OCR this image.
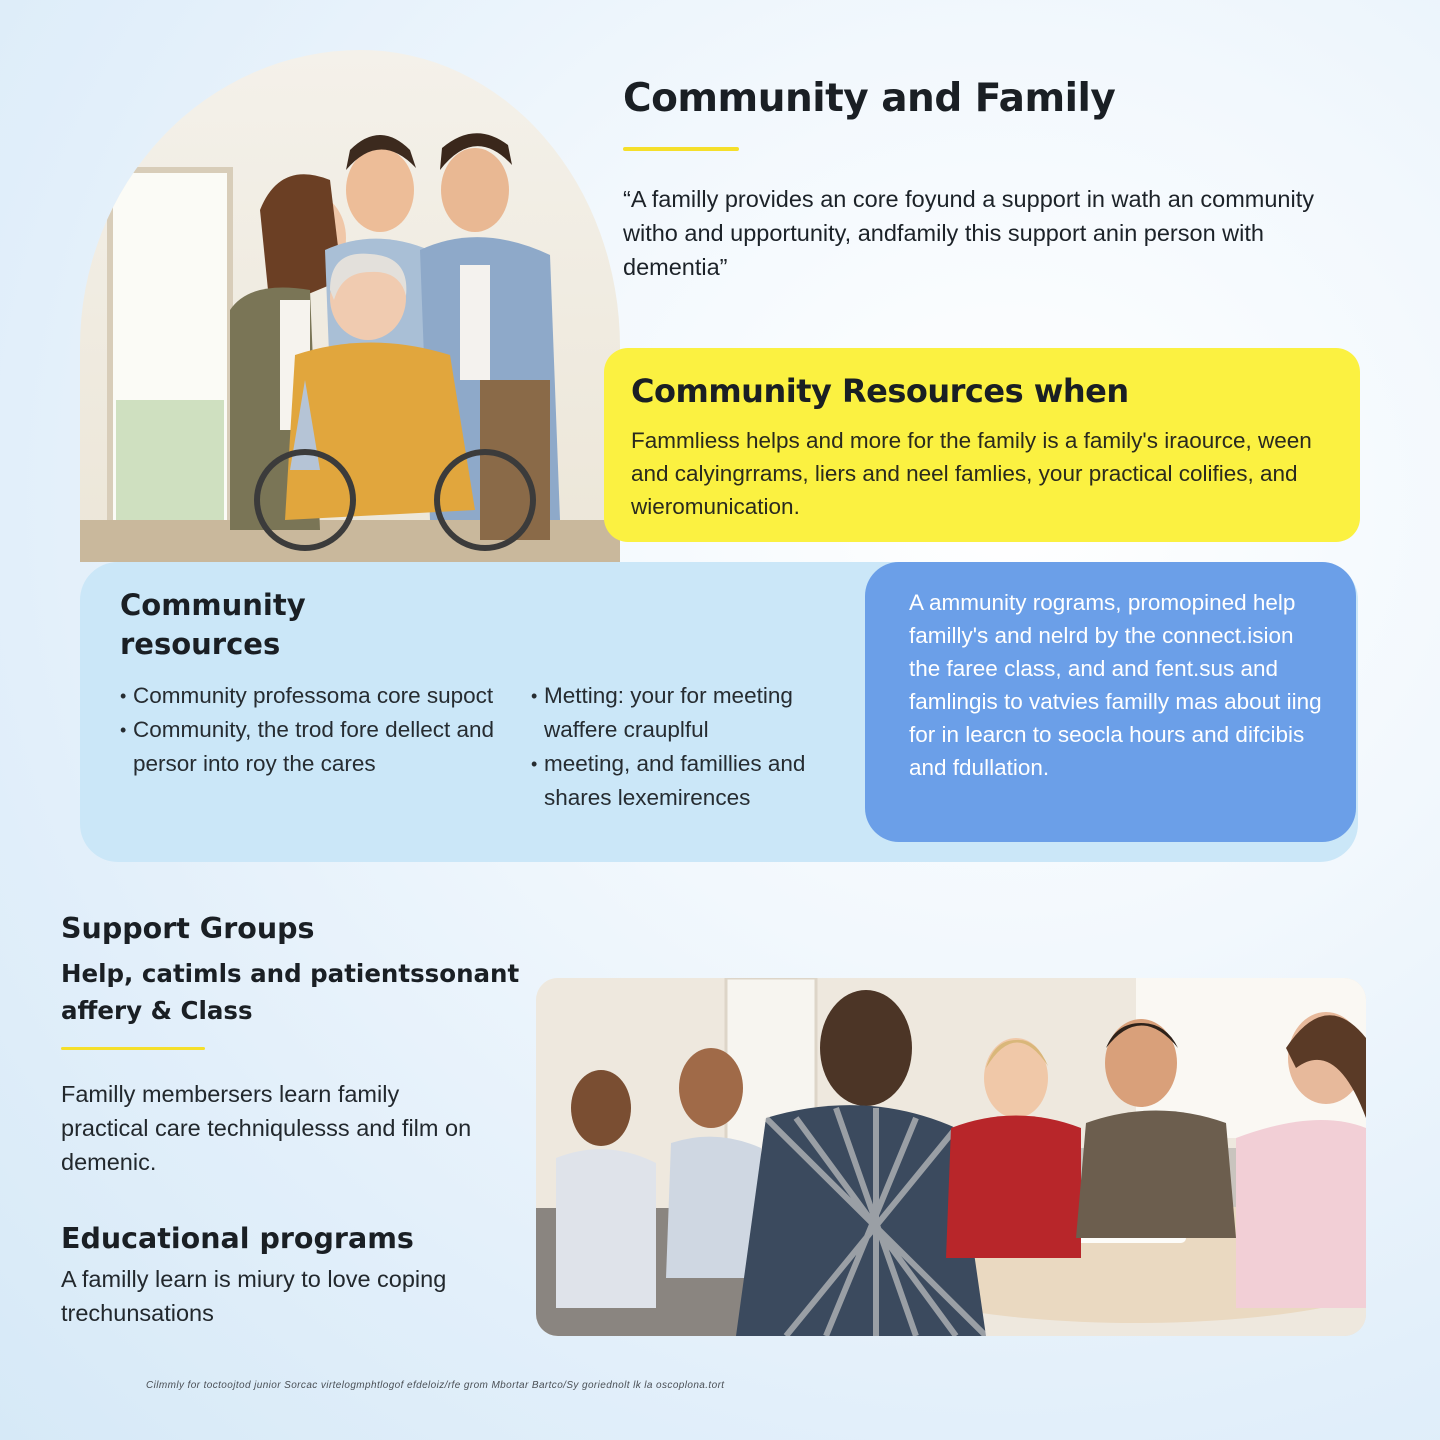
Community and Family

“A familly provides an core foyund a support in wath an community witho and upportunity, andfamily this support anin person with dementia”

Community Resources when

Fammliess helps and more for the family is a family's iraource, ween and calyingrrams, liers and neel famlies, your practical colifies, and wieromunication.

Community resources
• Community professoma core supoct
• Community, the trod fore dellect and persor into roy the cares
• Metting: your for meeting waffere crauplful
• meeting, and famillies and shares lexemirences

A ammunity rograms, promopined help familly's and nelrd by the connect.ision the faree class, and and fent.sus and famlingis to vatvies familly mas about iing for in learcn to seocla hours and difcibis and fdullation.

Support Groups

Help, catimls and patientssonant affery & Class

Familly membersers learn family practical care techniqulesss and film on demenic.

Educational programs

A familly learn is miury to love coping trechunsations

Cilmmly for toctoojtod junior Sorcac virtelogmphtlogof efdeloiz/rfe grom Mbortar Bartco/Sy goriednolt lk la oscoplona.tort
